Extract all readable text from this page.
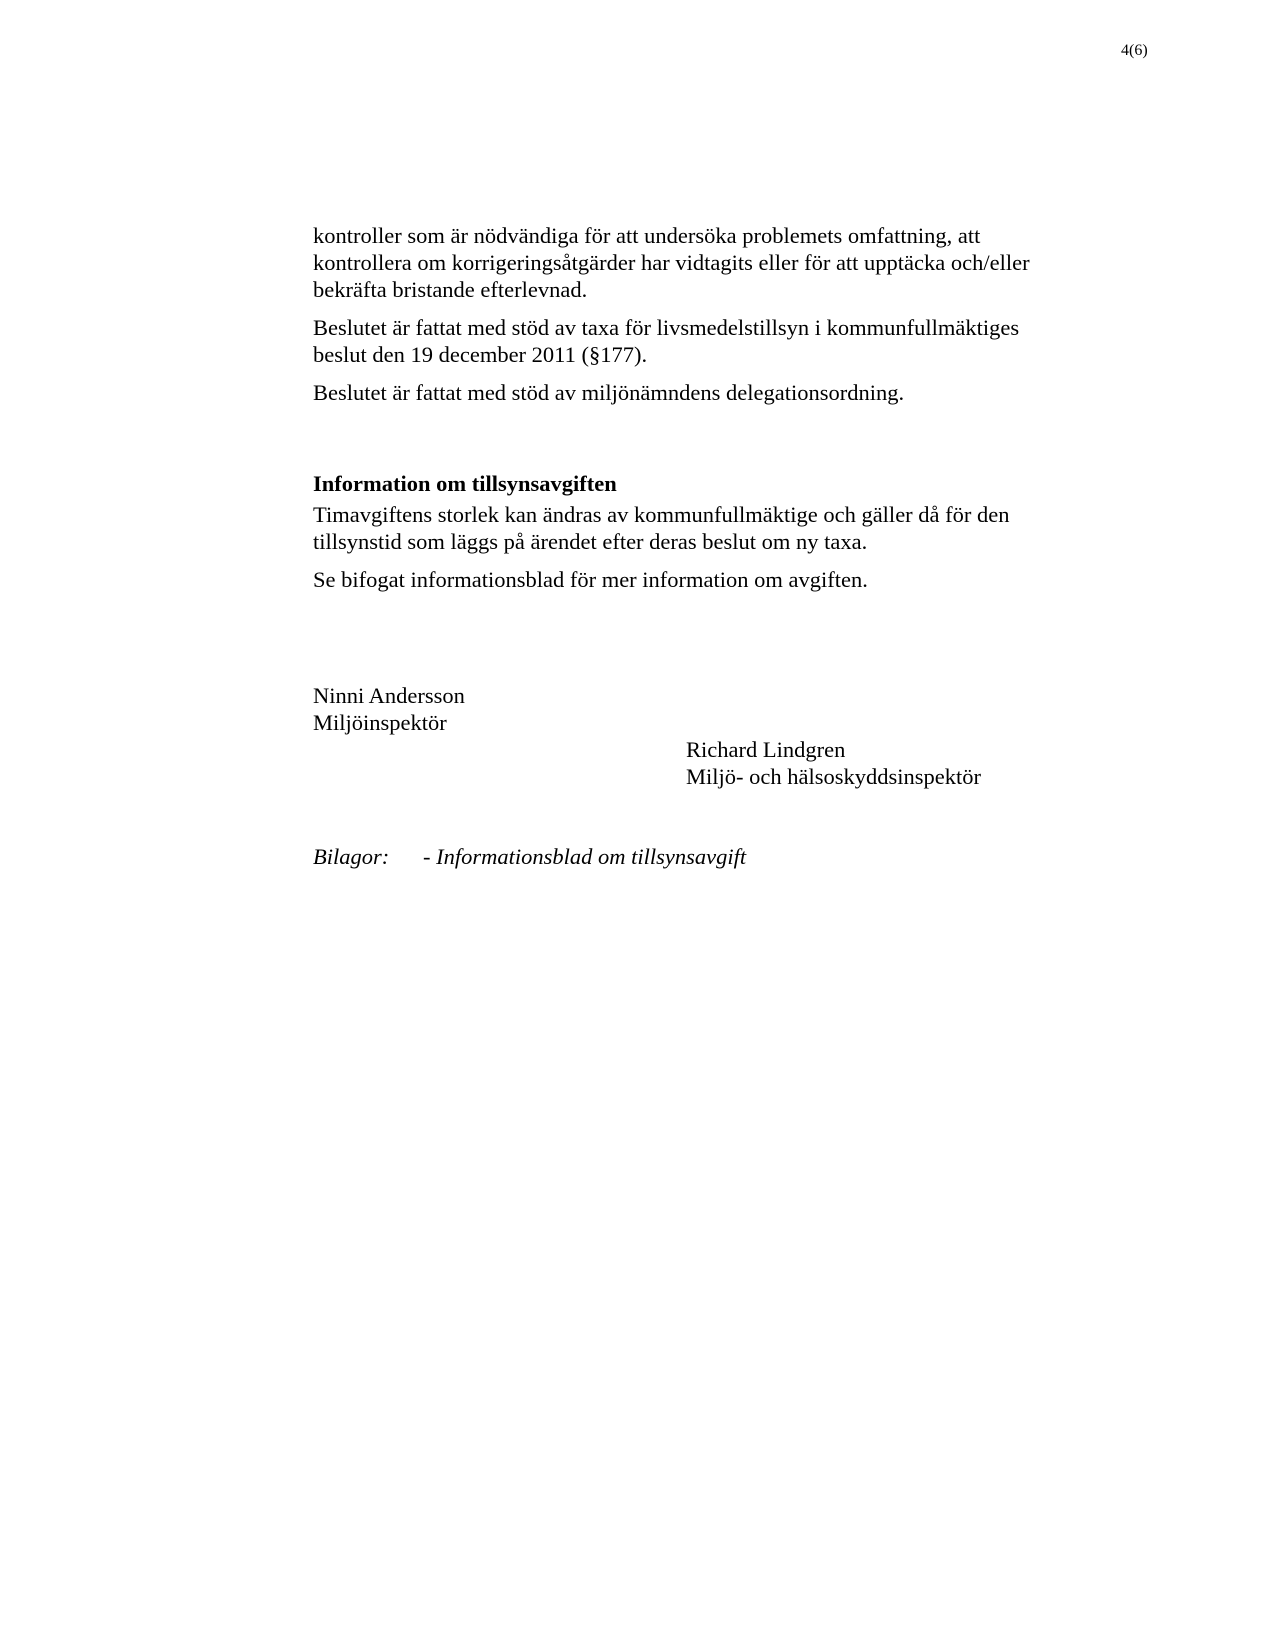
4(6)

kontroller som är nödvändiga för att undersöka problemets omfattning, att
kontrollera om korrigeringsåtgärder har vidtagits eller för att upptäcka och/eller
bekräfta bristande efterlevnad.

Beslutet är fattat med stöd av taxa för livsmedelstillsyn i kommunfullmäktiges
beslut den 19 december 2011 (§177).

Beslutet är fattat med stöd av miljönämndens delegationsordning.

Information om tillsynsavgiften

Timavgiftens storlek kan ändras av kommunfullmäktige och gäller då för den
tillsynstid som läggs på ärendet efter deras beslut om ny taxa.

Se bifogat informationsblad för mer information om avgiften.

Ninni Andersson
Miljöinspektör
Richard Lindgren
Miljö- och hälsoskyddsinspektör
Bilagor: - Informationsblad om tillsynsavgift
